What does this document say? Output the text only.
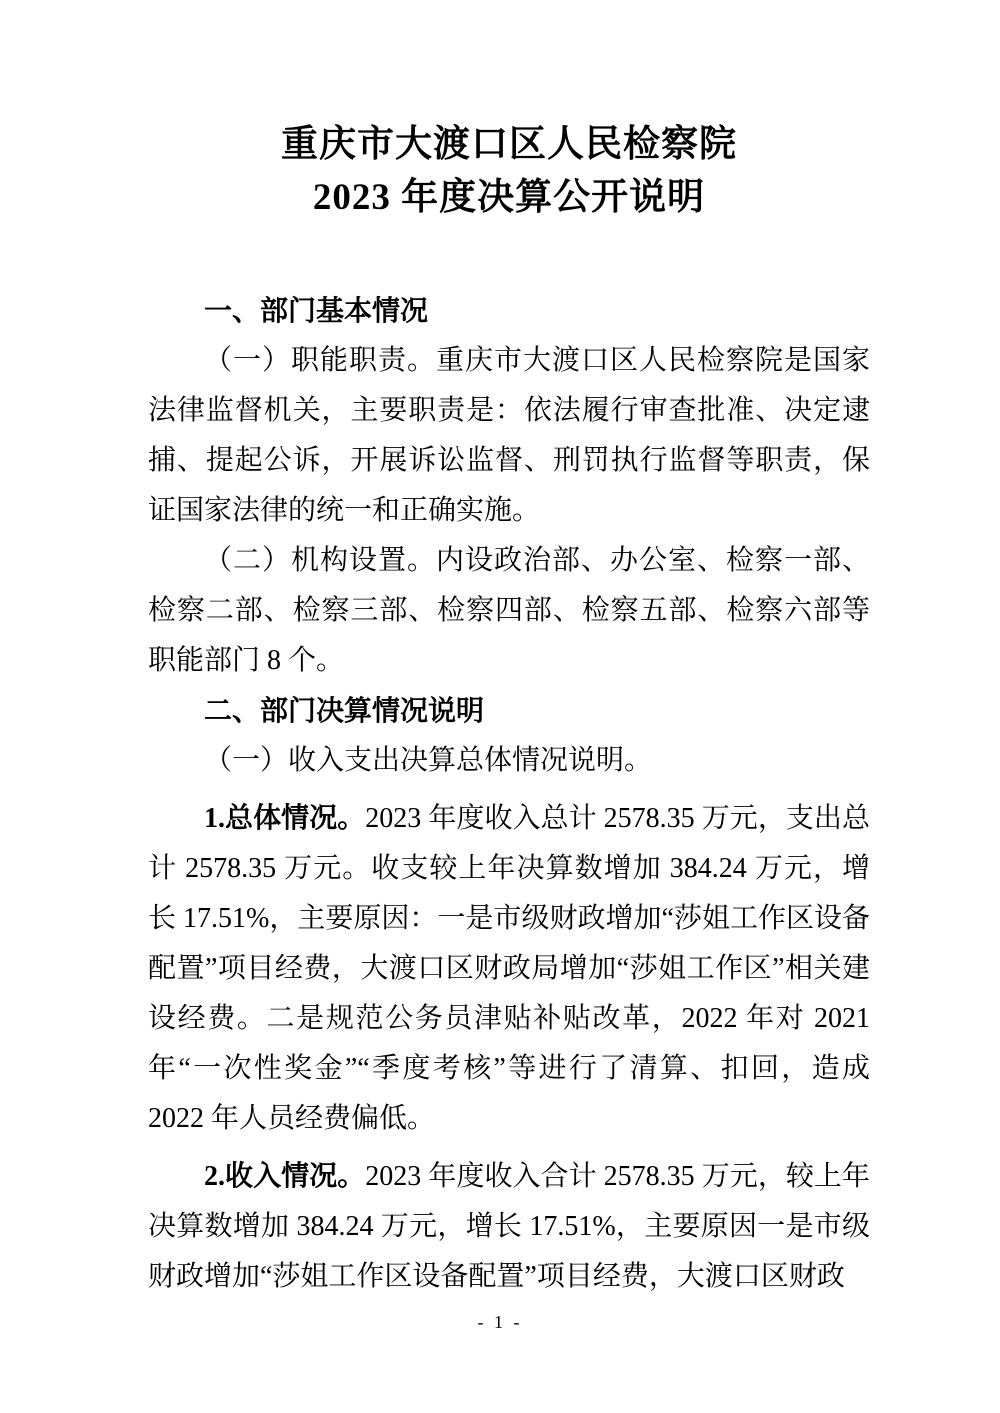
重庆市大渡口区人民检察院
2023 年度决算公开说明
一、部门基本情况

（一）职能职责。重庆市大渡口区人民检察院是国家法律监督机关，主要职责是：依法履行审查批准、决定逮捕、提起公诉，开展诉讼监督、刑罚执行监督等职责，保证国家法律的统一和正确实施。

（二）机构设置。内设政治部、办公室、检察一部、检察二部、检察三部、检察四部、检察五部、检察六部等职能部门 8 个。

二、部门决算情况说明

（一）收入支出决算总体情况说明。

1.总体情况。2023 年度收入总计 2578.35 万元，支出总计 2578.35 万元。收支较上年决算数增加 384.24 万元，增长 17.51%，主要原因：一是市级财政增加“莎姐工作区设备配置”项目经费，大渡口区财政局增加“莎姐工作区”相关建设经费。二是规范公务员津贴补贴改革，2022 年对 2021 年“一次性奖金”“季度考核”等进行了清算、扣回，造成 2022 年人员经费偏低。

2.收入情况。2023 年度收入合计 2578.35 万元，较上年决算数增加 384.24 万元，增长 17.51%，主要原因一是市级财政增加“莎姐工作区设备配置”项目经费，大渡口区财政

- 1 -
